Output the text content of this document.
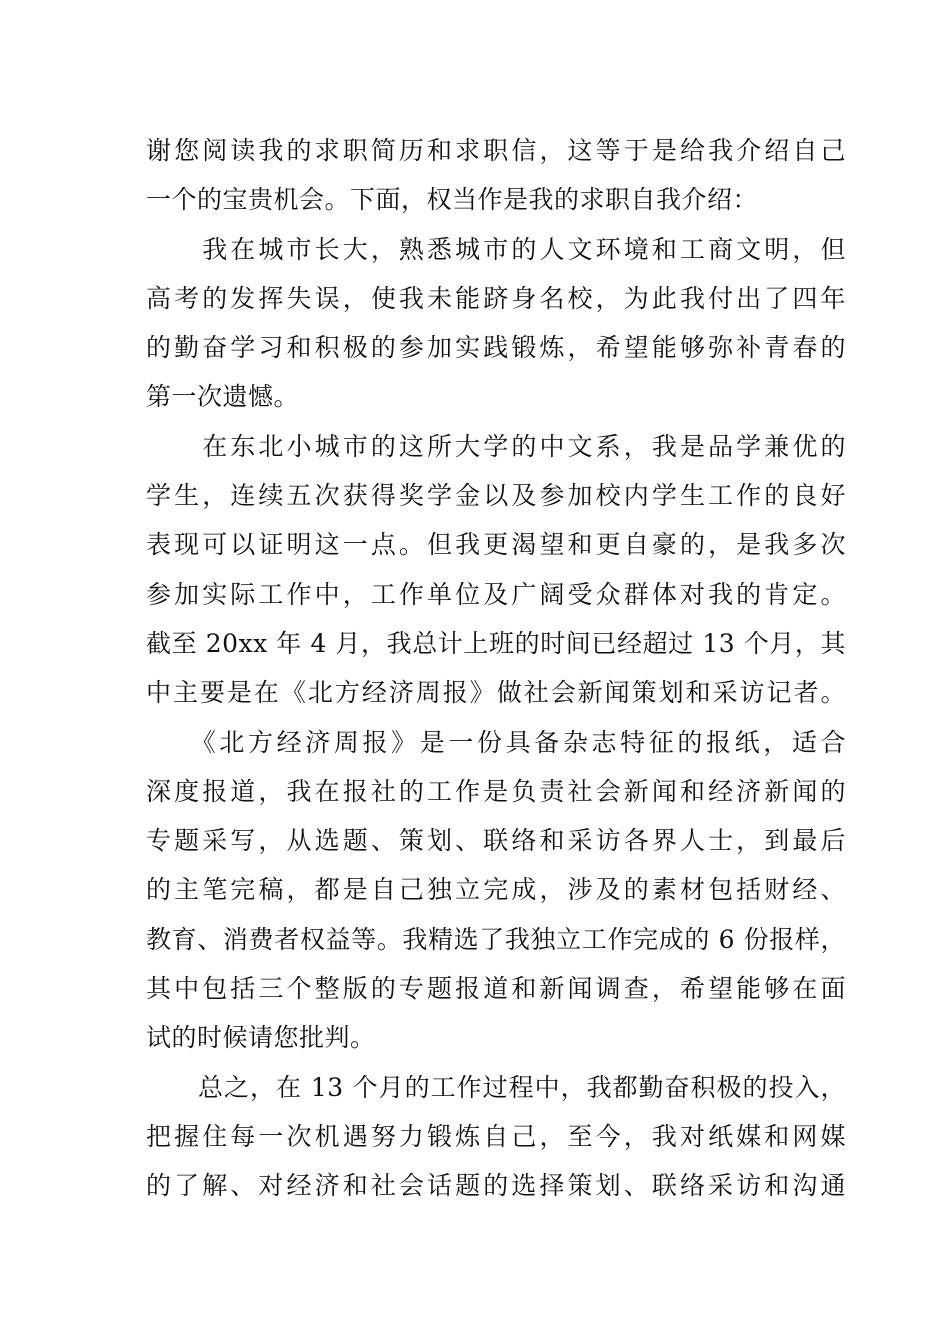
谢您阅读我的求职简历和求职信，这等于是给我介绍自己
一个的宝贵机会。下面，权当作是我的求职自我介绍：
　　我在城市长大，熟悉城市的人文环境和工商文明，但
高考的发挥失误，使我未能跻身名校，为此我付出了四年
的勤奋学习和积极的参加实践锻炼，希望能够弥补青春的
第一次遗憾。
　　在东北小城市的这所大学的中文系，我是品学兼优的
学生，连续五次获得奖学金以及参加校内学生工作的良好
表现可以证明这一点。但我更渴望和更自豪的，是我多次
参加实际工作中，工作单位及广阔受众群体对我的肯定。
截至 20xx 年 4 月，我总计上班的时间已经超过 13 个月，其
中主要是在《北方经济周报》做社会新闻策划和采访记者。
　　《北方经济周报》是一份具备杂志特征的报纸，适合
深度报道，我在报社的工作是负责社会新闻和经济新闻的
专题采写，从选题、策划、联络和采访各界人士，到最后
的主笔完稿，都是自己独立完成，涉及的素材包括财经、
教育、消费者权益等。我精选了我独立工作完成的 6 份报样，
其中包括三个整版的专题报道和新闻调查，希望能够在面
试的时候请您批判。
　　总之，在 13 个月的工作过程中，我都勤奋积极的投入，
把握住每一次机遇努力锻炼自己，至今，我对纸媒和网媒
的了解、对经济和社会话题的选择策划、联络采访和沟通
